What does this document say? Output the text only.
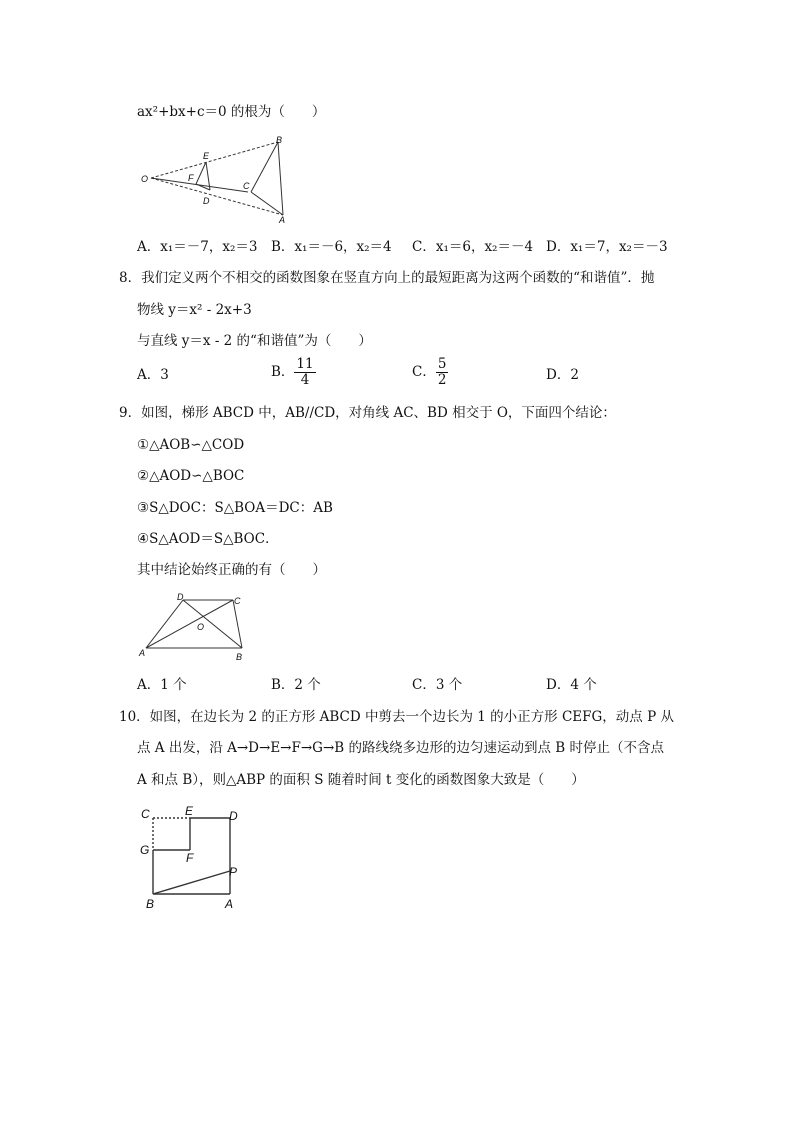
ax²+bx+c＝0 的根为（　　）
O
B
E
F
C
D
A
A．x₁＝－7，x₂＝3 B．x₁＝－6，x₂＝4 C．x₁＝6，x₂＝－4 D．x₁＝7，x₂＝－3
8．我们定义两个不相交的函数图象在竖直方向上的最短距离为这两个函数的“和谐值”．抛
物线 y＝x² - 2x+3
与直线 y＝x - 2 的“和谐值”为（　　）
A．3	B． $\frac{11}{4}$	C． $\frac{5}{2}$	D．2
9．如图，梯形 ABCD 中，AB//CD，对角线 AC、BD 相交于 O，下面四个结论：
①△AOB∽△COD
②△AOD∽△BOC
③S△DOC：S△BOA＝DC：AB
④S△AOD＝S△BOC．
其中结论始终正确的有（　　）
D	C
O
A	B
A．1 个	B．2 个	C．3 个	D．4 个
10．如图，在边长为 2 的正方形 ABCD 中剪去一个边长为 1 的小正方形 CEFG，动点 P 从
点 A 出发，沿 A→D→E→F→G→B 的路线绕多边形的边匀速运动到点 B 时停止（不含点
A 和点 B），则△ABP 的面积 S 随着时间 t 变化的函数图象大致是（　　）
C	E	D
G
F
P
B	A
